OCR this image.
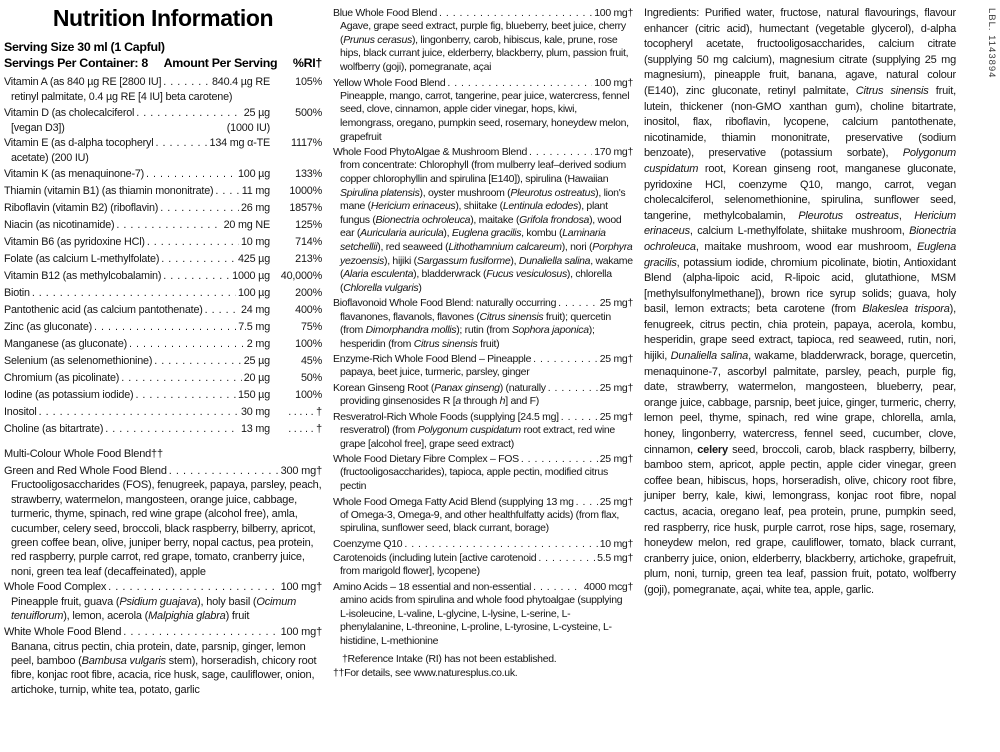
Nutrition Information
Serving Size 30 ml (1 Capful)
Servings Per Container: 8 Amount Per Serving %RI†
Vitamin A (as 840 µg RE [2800 IU] . . .	840.4 µg RE	105%
retinyl palmitate, 0.4 µg RE [4 IU] beta carotene)
Vitamin D (as cholecalciferol . . .	25 µg	500%
[vegan D3])	(1000 IU)
Vitamin E (as d-alpha tocopheryl . . .	134 mg α-TE	1117%
acetate) (200 IU)
Vitamin K (as menaquinone-7) . . .	100 µg	133%
Thiamin (vitamin B1) (as thiamin mononitrate) . . .	11 mg	1000%
Riboflavin (vitamin B2) (riboflavin) . . .	26 mg	1857%
Niacin (as nicotinamide) . . .	20 mg NE	125%
Vitamin B6 (as pyridoxine HCl) . . .	10 mg	714%
Folate (as calcium L-methylfolate) . . .	425 µg	213%
Vitamin B12 (as methylcobalamin) . . .	1000 µg 40,000%
Biotin . . .	100 µg	200%
Pantothenic acid (as calcium pantothenate) . . .	24 mg	400%
Zinc (as gluconate) . . .	7.5 mg	75%
Manganese (as gluconate) . . .	2 mg	100%
Selenium (as selenomethionine) . . .	25 µg	45%
Chromium (as picolinate) . . .	20 µg	50%
Iodine (as potassium iodide) . . .	150 µg	100%
Inositol . . .	30 mg	. . . . . †
Choline (as bitartrate) . . .	13 mg	. . . . . †
Multi-Colour Whole Food Blend††
Green and Red Whole Food Blend . . .	300 mg†
Fructooligosaccharides (FOS), fenugreek, papaya, parsley, peach, strawberry, watermelon, mangosteen, orange juice, cabbage, turmeric, thyme, spinach, red wine grape (alcohol free), amla, cucumber, celery seed, broccoli, black raspberry, bilberry, apricot, green coffee bean, olive, juniper berry, nopal cactus, pea protein, red raspberry, purple carrot, red grape, tomato, cranberry juice, noni, green tea leaf (decaffeinated), apple
Whole Food Complex . . .	100 mg†
Pineapple fruit, guava (Psidium guajava), holy basil (Ocimum tenuiflorum), lemon, acerola (Malpighia glabra) fruit
White Whole Food Blend . . .	100 mg†
Banana, citrus pectin, chia protein, date, parsnip, ginger, lemon peel, bamboo (Bambusa vulgaris stem), horseradish, chicory root fibre, konjac root fibre, acacia, rice husk, sage, cauliflower, onion, artichoke, turnip, white tea, potato, garlic
Blue Whole Food Blend . . .	100 mg†
Agave, grape seed extract, purple fig, blueberry, beet juice, cherry (Prunus cerasus), lingonberry, carob, hibiscus, kale, prune, rose hips, black currant juice, elderberry, blackberry, plum, passion fruit, wolfberry (goji), pomegranate, açai
Yellow Whole Food Blend . . .	100 mg†
Pineapple, mango, carrot, tangerine, pear juice, watercress, fennel seed, clove, cinnamon, apple cider vinegar, hops, kiwi, lemongrass, oregano, pumpkin seed, rosemary, honeydew melon, grapefruit
Whole Food PhytoAlgae & Mushroom Blend . . .	170 mg†
from concentrate: Chlorophyll (from mulberry leaf–derived sodium copper chlorophyllin and spirulina [E140]), spirulina (Hawaiian Spirulina platensis), oyster mushroom (Pleurotus ostreatus), lion's mane (Hericium erinaceus), shiitake (Lentinula edodes), plant fungus (Bionectria ochroleuca), maitake (Grifola frondosa), wood ear (Auricularia auricula), Euglena gracilis, kombu (Laminaria setchellii), red seaweed (Lithothamnium calcareum), nori (Porphyra yezoensis), hijiki (Sargassum fusiforme), Dunaliella salina, wakame (Alaria esculenta), bladderwrack (Fucus vesiculosus), chlorella (Chlorella vulgaris)
Bioflavonoid Whole Food Blend: naturally occurring . . .	25 mg†
flavanones, flavanols, flavones (Citrus sinensis fruit); quercetin (from Dimorphandra mollis); rutin (from Sophora japonica); hesperidin (from Citrus sinensis fruit)
Enzyme-Rich Whole Food Blend – Pineapple . . .	25 mg†
papaya, beet juice, turmeric, parsley, ginger
Korean Ginseng Root (Panax ginseng) (naturally . . .	25 mg†
providing ginsenosides R [a through h] and F)
Resveratrol-Rich Whole Foods (supplying [24.5 mg] . . .	25 mg†
resveratrol) (from Polygonum cuspidatum root extract, red wine grape [alcohol free], grape seed extract)
Whole Food Dietary Fibre Complex – FOS . . .	25 mg†
(fructooligosaccharides), tapioca, apple pectin, modified citrus pectin
Whole Food Omega Fatty Acid Blend (supplying 13 mg . . . 25 mg†
of Omega-3, Omega-9, and other healthfulfatty acids) (from flax, spirulina, sunflower seed, black currant, borage)
Coenzyme Q10 . . .	10 mg†
Carotenoids (including lutein [active carotenoid . . .	5.5 mg†
from marigold flower], lycopene)
Amino Acids – 18 essential and non-essential . . .	4000 mcg†
amino acids from spirulina and whole food phytoalgae (supplying L-isoleucine, L-valine, L-glycine, L-lysine, L-serine, L-phenylalanine, L-threonine, L-proline, L-tyrosine, L-cysteine, L-histidine, L-methionine
†Reference Intake (RI) has not been established.
††For details, see www.naturesplus.co.uk.

Ingredients: Purified water, fructose, natural flavourings, flavour enhancer (citric acid), humectant (vegetable glycerol), d-alpha tocopheryl acetate, fructooligosaccharides, calcium citrate (supplying 50 mg calcium), magnesium citrate (supplying 25 mg magnesium), pineapple fruit, banana, agave, natural colour (E140), zinc gluconate, retinyl palmitate, Citrus sinensis fruit, lutein, thickener (non-GMO xanthan gum), choline bitartrate, inositol, flax, riboflavin, lycopene, calcium pantothenate, nicotinamide, thiamin mononitrate, preservative (sodium benzoate), preservative (potassium sorbate), Polygonum cuspidatum root, Korean ginseng root, manganese gluconate, pyridoxine HCl, coenzyme Q10, mango, carrot, vegan cholecalciferol, selenomethionine, spirulina, sunflower seed, tangerine, methylcobalamin, Pleurotus ostreatus, Hericium erinaceus, calcium L-methylfolate, shiitake mushroom, Bionectria ochroleuca, maitake mushroom, wood ear mushroom, Euglena gracilis, potassium iodide, chromium picolinate, biotin, Antioxidant Blend (alpha-lipoic acid, R-lipoic acid, glutathione, MSM [methylsulfonylmethane]), brown rice syrup solids; guava, holy basil, lemon extracts; beta carotene (from Blakeslea trispora), fenugreek, citrus pectin, chia protein, papaya, acerola, kombu, hesperidin, grape seed extract, tapioca, red seaweed, rutin, nori, hijiki, Dunaliella salina, wakame, bladderwrack, borage, quercetin, menaquinone-7, ascorbyl palmitate, parsley, peach, purple fig, date, strawberry, watermelon, mangosteen, blueberry, pear, orange juice, cabbage, parsnip, beet juice, ginger, turmeric, cherry, lemon peel, thyme, spinach, red wine grape, chlorella, amla, honey, lingonberry, watercress, fennel seed, cucumber, clove, cinnamon, celery seed, broccoli, carob, black raspberry, bilberry, bamboo stem, apricot, apple pectin, apple cider vinegar, green coffee bean, hibiscus, hops, horseradish, olive, chicory root fibre, juniper berry, kale, kiwi, lemongrass, konjac root fibre, nopal cactus, acacia, oregano leaf, pea protein, prune, pumpkin seed, red raspberry, rice husk, purple carrot, rose hips, sage, rosemary, honeydew melon, red grape, cauliflower, tomato, black currant, cranberry juice, onion, elderberry, blackberry, artichoke, grapefruit, plum, noni, turnip, green tea leaf, passion fruit, potato, wolfberry (goji), pomegranate, açai, white tea, apple, garlic.

LBL. 1143894
